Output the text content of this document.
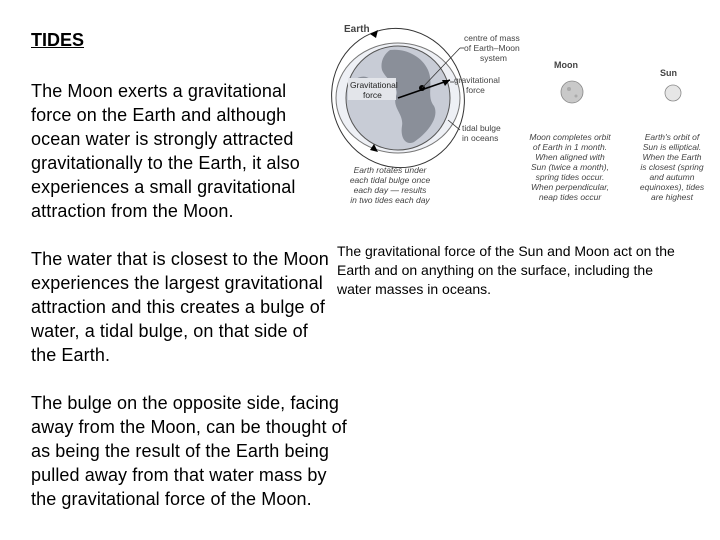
TIDES
The Moon exerts a gravitational force on the Earth and although ocean water is strongly attracted gravitationally to the Earth, it also experiences a small gravitational attraction from the Moon.
The water that is closest to the Moon experiences the largest gravitational attraction and this creates a bulge of water, a tidal bulge, on that side of the Earth.
The bulge on the opposite side, facing away from the Moon, can be thought of as being the result of the Earth being pulled away from that water mass by the gravitational force of the Moon.
The gravitational force of the Sun and Moon act on the Earth and on anything on the surface, including the water masses in oceans.
Earth
Gravitational
force
centre of mass
of Earth–Moon
system
gravitational
force
tidal bulge
in oceans
Moon
Sun
Earth rotates under
each tidal bulge once
each day — results
in two tides each day
Moon completes orbit
of Earth in 1 month.
When aligned with
Sun (twice a month),
spring tides occur.
When perpendicular,
neap tides occur
Earth's orbit of
Sun is elliptical.
When the Earth
is closest (spring
and autumn
equinoxes), tides
are highest
